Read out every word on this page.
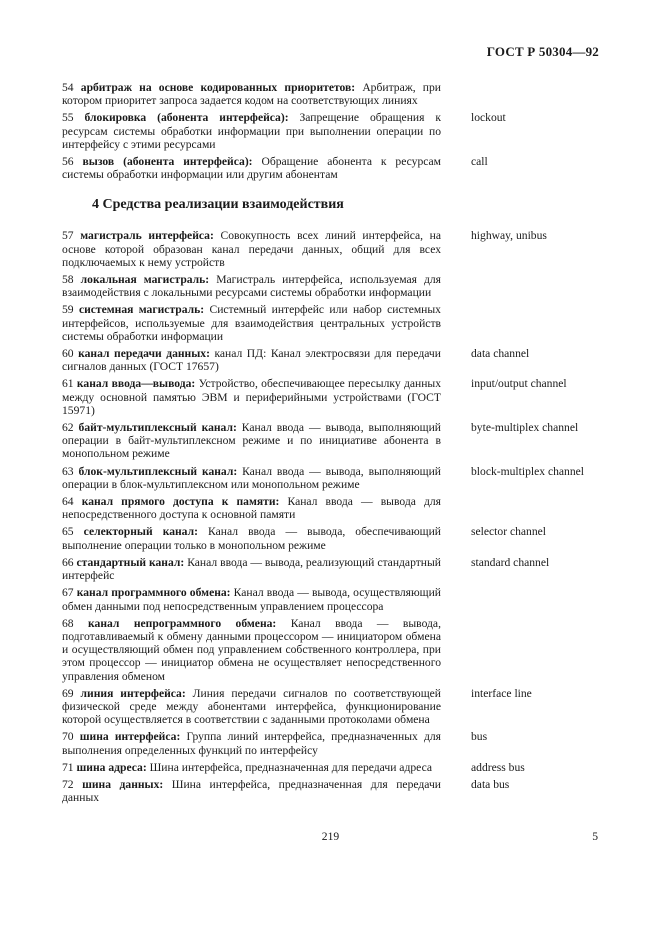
ГОСТ Р 50304—92
54 арбитраж на основе кодированных приоритетов: Арбитраж, при котором приоритет запроса задается кодом на соответствующих линиях
55 блокировка (абонента интерфейса): Запрещение обращения к ресурсам системы обработки информации при выполнении операции по интерфейсу с этими ресурсами
lockout
56 вызов (абонента интерфейса): Обращение абонента к ресурсам системы обработки информации или другим абонентам
call
4 Средства реализации взаимодействия
57 магистраль интерфейса: Совокупность всех линий интерфейса, на основе которой образован канал передачи данных, общий для всех подключаемых к нему устройств
highway, unibus
58 локальная магистраль: Магистраль интерфейса, используемая для взаимодействия с локальными ресурсами системы обработки информации
59 системная магистраль: Системный интерфейс или набор системных интерфейсов, используемые для взаимодействия центральных устройств системы обработки информации
60 канал передачи данных: канал ПД: Канал электросвязи для передачи сигналов данных (ГОСТ 17657)
data channel
61 канал ввода—вывода: Устройство, обеспечивающее пересылку данных между основной памятью ЭВМ и периферийными устройствами (ГОСТ 15971)
input/output channel
62 байт-мультиплексный канал: Канал ввода — вывода, выполняющий операции в байт-мультиплексном режиме и по инициативе абонента в монопольном режиме
byte-multiplex channel
63 блок-мультиплексный канал: Канал ввода — вывода, выполняющий операции в блок-мультиплексном или монопольном режиме
block-multiplex channel
64 канал прямого доступа к памяти: Канал ввода — вывода для непосредственного доступа к основной памяти
65 селекторный канал: Канал ввода — вывода, обеспечивающий выполнение операции только в монопольном режиме
selector channel
66 стандартный канал: Канал ввода — вывода, реализующий стандартный интерфейс
standard channel
67 канал программного обмена: Канал ввода — вывода, осуществляющий обмен данными под непосредственным управлением процессора
68 канал непрограммного обмена: Канал ввода — вывода, подготавливаемый к обмену данными процессором — инициатором обмена и осуществляющий обмен под управлением собственного контроллера, при этом процессор — инициатор обмена не осуществляет непосредственного управления обменом
69 линия интерфейса: Линия передачи сигналов по соответствующей физической среде между абонентами интерфейса, функционирование которой осуществляется в соответствии с заданными протоколами обмена
interface line
70 шина интерфейса: Группа линий интерфейса, предназначенных для выполнения определенных функций по интерфейсу
bus
71 шина адреса: Шина интерфейса, предназначенная для передачи адреса	address bus
72 шина данных: Шина интерфейса, предназначенная для передачи данных
data bus
219	5
